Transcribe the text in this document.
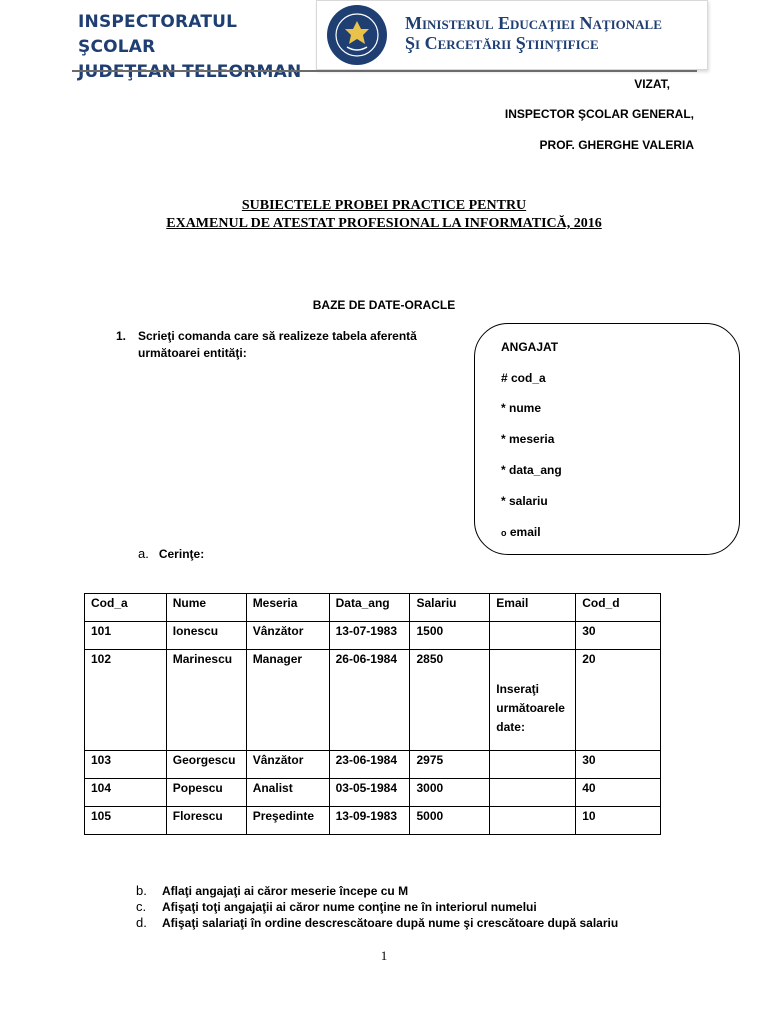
INSPECTORATUL ŞCOLAR
JUDEŢEAN TELEORMAN
Ministerul Educaţiei Naţionale
Şi Cercetării Ştiinţifice
VIZAT,
INSPECTOR ŞCOLAR GENERAL,
PROF. GHERGHE VALERIA
SUBIECTELE PROBEI PRACTICE PENTRU
EXAMENUL DE ATESTAT PROFESIONAL LA INFORMATICĂ, 2016
BAZE DE DATE-ORACLE
1. Scrieţi comanda care să realizeze tabela aferentă următoarei entităţi:	ANGAJAT
# cod_a
* nume
* meseria
* data_ang
* salariu
o email
a. Cerinţe:
Cod_a	Nume	Meseria	Data_ang	Salariu	Email	Cod_d
101	Ionescu	Vânzător	13-07-1983	1500		30
102	Marinescu	Manager	26-06-1984	2850	Inseraţi
următoarele
date:	20
103	Georgescu	Vânzător	23-06-1984	2975		30
104	Popescu	Analist	03-05-1984	3000		40
105	Florescu	Preşedinte	13-09-1983	5000		10
b. Aflaţi angajaţi ai căror meserie începe cu M
c. Afişaţi toţi angajaţii ai căror nume conţine ne în interiorul numelui
d. Afişaţi salariaţi în ordine descrescătoare după nume şi crescătoare după salariu
1
